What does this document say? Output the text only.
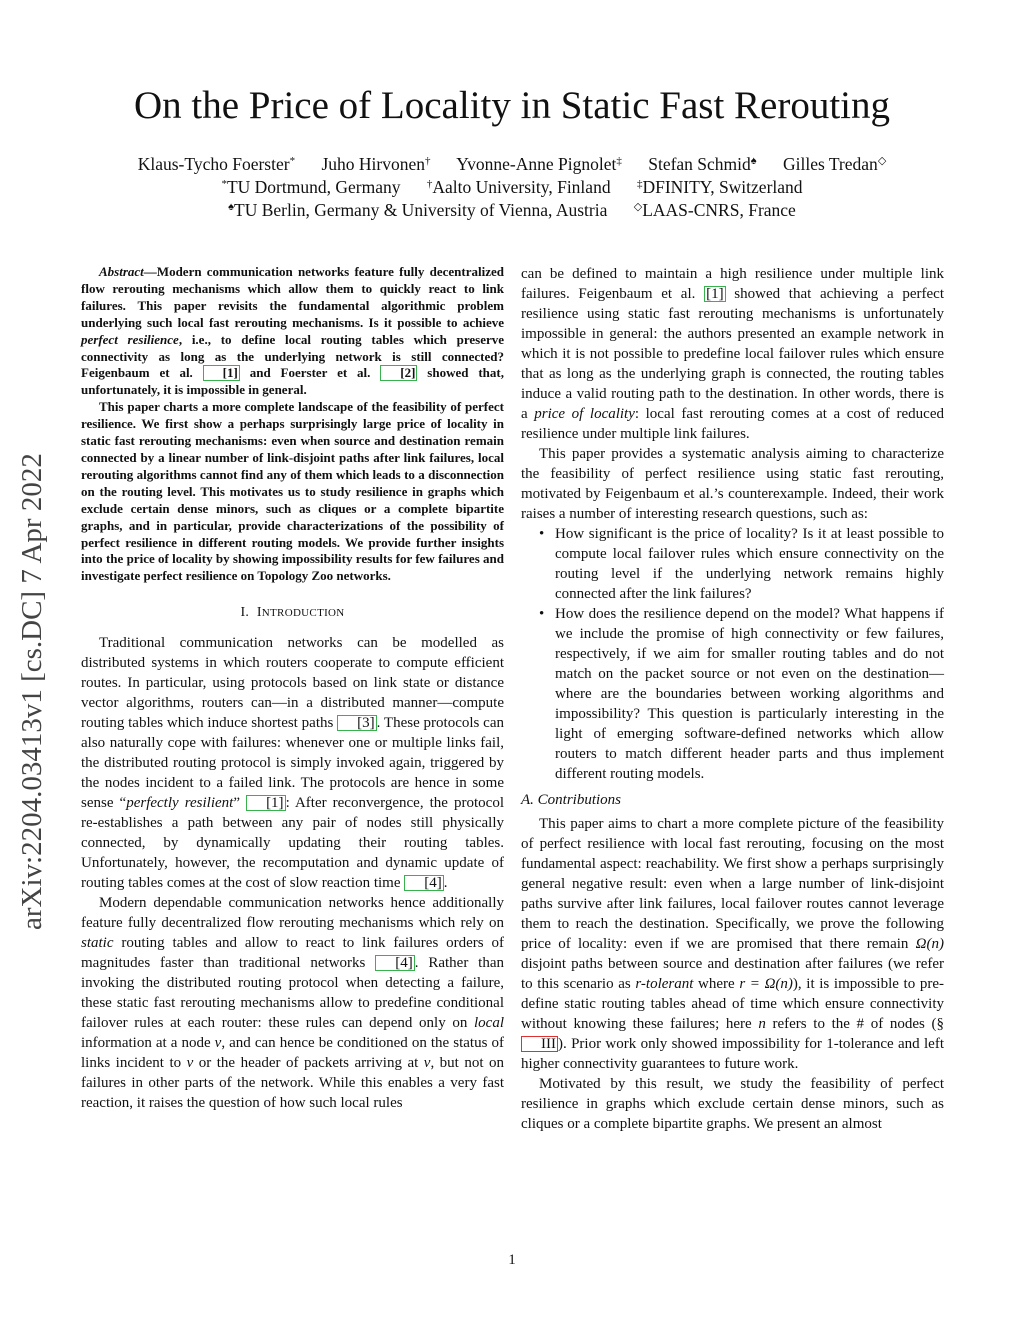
On the Price of Locality in Static Fast Rerouting
Klaus-Tycho Foerster* Juho Hirvonen† Yvonne-Anne Pignolet‡ Stefan Schmid♠ Gilles Tredan◇
*TU Dortmund, Germany †Aalto University, Finland ‡DFINITY, Switzerland
♠TU Berlin, Germany & University of Vienna, Austria ◇LAAS-CNRS, France
arXiv:2204.03413v1 [cs.DC] 7 Apr 2022

Abstract—Modern communication networks feature fully decentralized flow rerouting mechanisms which allow them to quickly react to link failures. This paper revisits the fundamental algorithmic problem underlying such local fast rerouting mechanisms. Is it possible to achieve perfect resilience, i.e., to define local routing tables which preserve connectivity as long as the underlying network is still connected? Feigenbaum et al. [1] and Foerster et al. [2] showed that, unfortunately, it is impossible in general.

This paper charts a more complete landscape of the feasibility of perfect resilience. We first show a perhaps surprisingly large price of locality in static fast rerouting mechanisms: even when source and destination remain connected by a linear number of link-disjoint paths after link failures, local rerouting algorithms cannot find any of them which leads to a disconnection on the routing level. This motivates us to study resilience in graphs which exclude certain dense minors, such as cliques or a complete bipartite graphs, and in particular, provide characterizations of the possibility of perfect resilience in different routing models. We provide further insights into the price of locality by showing impossibility results for few failures and investigate perfect resilience on Topology Zoo networks.

I. INTRODUCTION

Traditional communication networks can be modelled as distributed systems in which routers cooperate to compute efficient routes. In particular, using protocols based on link state or distance vector algorithms, routers can—in a distributed manner—compute routing tables which induce shortest paths [3] . These protocols can also naturally cope with failures: whenever one or multiple links fail, the distributed routing protocol is simply invoked again, triggered by the nodes incident to a failed link. The protocols are hence in some sense “perfectly resilient” [1] : After reconvergence, the protocol re-establishes a path between any pair of nodes still physically connected, by dynamically updating their routing tables. Unfortunately, however, the recomputation and dynamic update of routing tables comes at the cost of slow reaction time [4] .

Modern dependable communication networks hence additionally feature fully decentralized flow rerouting mechanisms which rely on static routing tables and allow to react to link failures orders of magnitudes faster than traditional networks [4] . Rather than invoking the distributed routing protocol when detecting a failure, these static fast rerouting mechanisms allow to predefine conditional failover rules at each router: these rules can depend only on local information at a node v, and can hence be conditioned on the status of links incident to v or the header of packets arriving at v, but not on failures in other parts of the network. While this enables a very fast reaction, it raises the question of how such local rules

can be defined to maintain a high resilience under multiple link failures. Feigenbaum et al. [1] showed that achieving a perfect resilience using static fast rerouting mechanisms is unfortunately impossible in general: the authors presented an example network in which it is not possible to predefine local failover rules which ensure that as long as the underlying graph is connected, the routing tables induce a valid routing path to the destination. In other words, there is a price of locality: local fast rerouting comes at a cost of reduced resilience under multiple link failures.

This paper provides a systematic analysis aiming to characterize the feasibility of perfect resilience using static fast rerouting, motivated by Feigenbaum et al.’s counterexample. Indeed, their work raises a number of interesting research questions, such as:

• How significant is the price of locality? Is it at least possible to compute local failover rules which ensure connectivity on the routing level if the underlying network remains highly connected after the link failures?
• How does the resilience depend on the model? What happens if we include the promise of high connectivity or few failures, respectively, if we aim for smaller routing tables and do not match on the packet source or not even on the destination—where are the boundaries between working algorithms and impossibility? This question is particularly interesting in the light of emerging software-defined networks which allow routers to match different header parts and thus implement different routing models.
A. Contributions

This paper aims to chart a more complete picture of the feasibility of perfect resilience with local fast rerouting, focusing on the most fundamental aspect: reachability. We first show a perhaps surprisingly general negative result: even when a large number of link-disjoint paths survive after link failures, local failover routes cannot leverage them to reach the destination. Specifically, we prove the following price of locality: even if we are promised that there remain Ω(n) disjoint paths between source and destination after failures (we refer to this scenario as r-tolerant where r = Ω(n)), it is impossible to pre-define static routing tables ahead of time which ensure connectivity without knowing these failures; here n refers to the # of nodes (§III ). Prior work only showed impossibility for 1-tolerance and left higher connectivity guarantees to future work.

Motivated by this result, we study the feasibility of perfect resilience in graphs which exclude certain dense minors, such as cliques or a complete bipartite graphs. We present an almost

1
